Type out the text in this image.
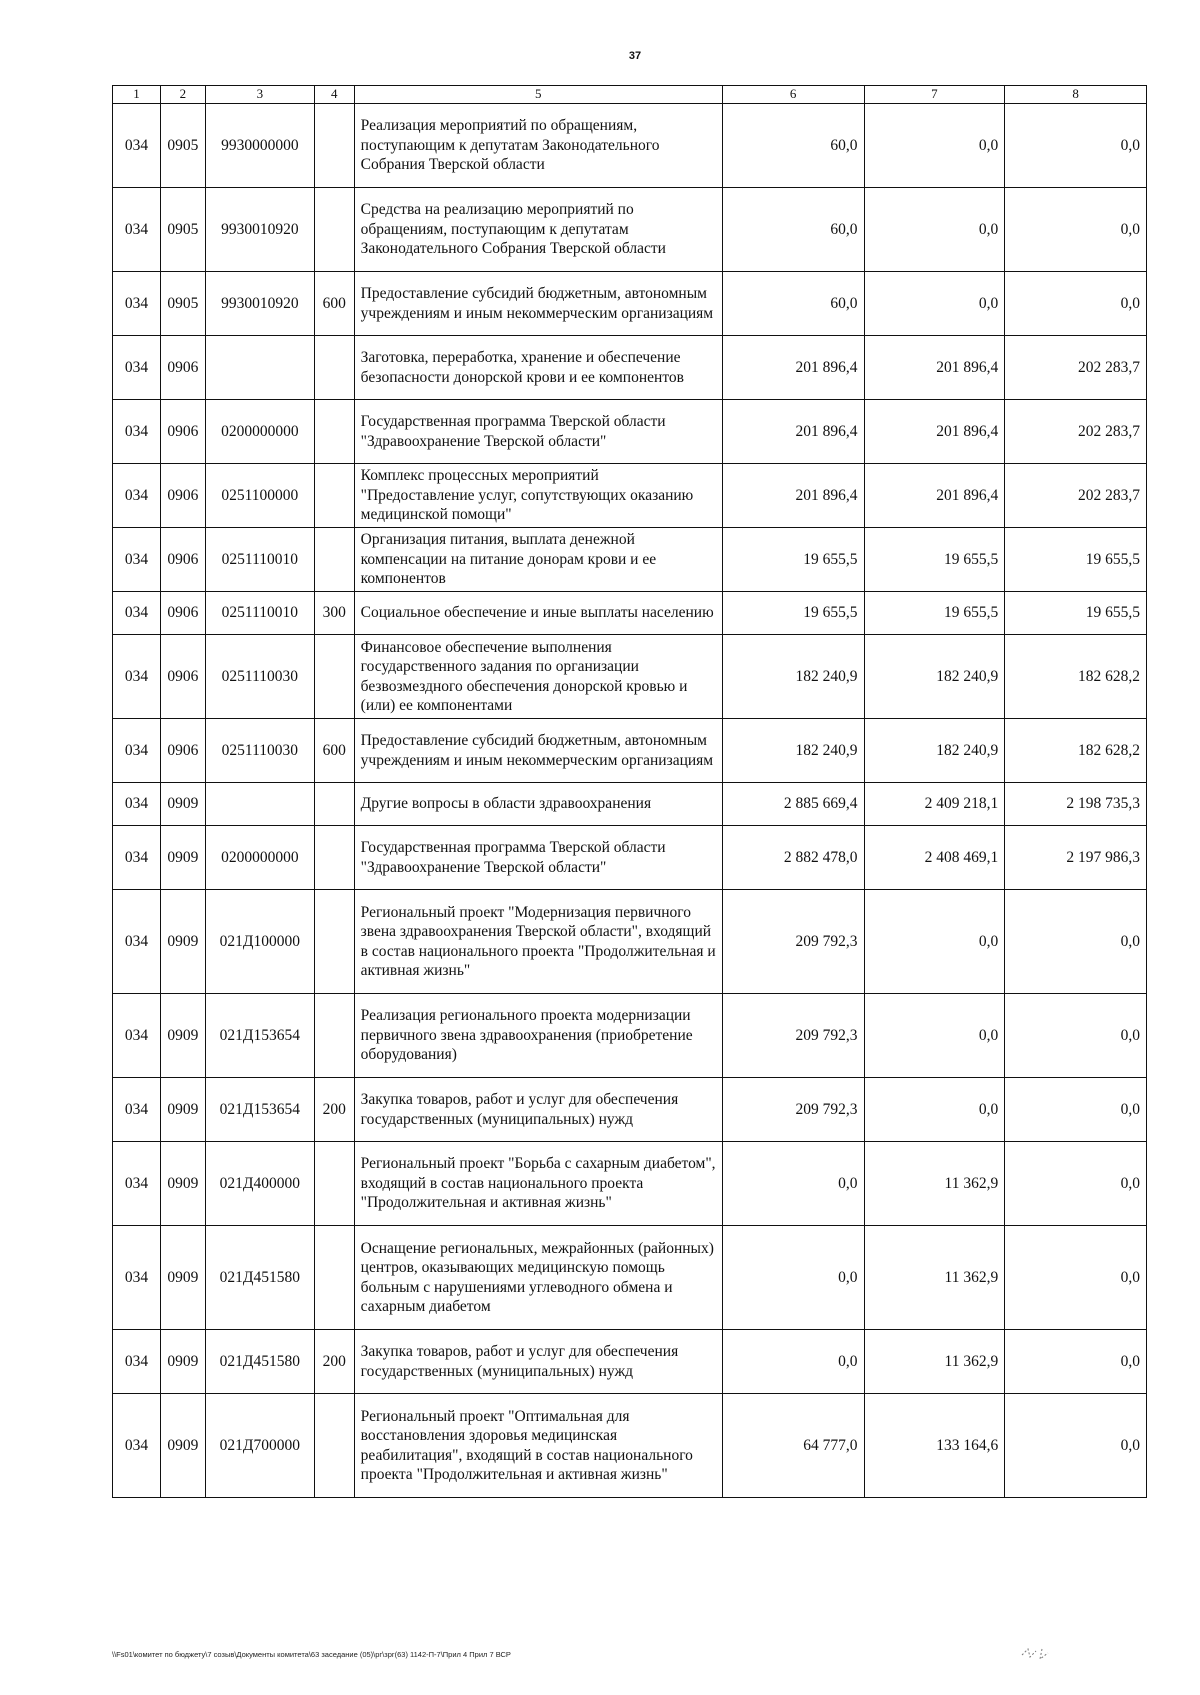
37
1	2	3	4	5	6	7	8
034	0905	9930000000		Реализация мероприятий по обращениям, поступающим к депутатам Законодательного Собрания Тверской области	60,0	0,0	0,0
034	0905	9930010920		Средства на реализацию мероприятий по обращениям, поступающим к депутатам Законодательного Собрания Тверской области	60,0	0,0	0,0
034	0905	9930010920	600	Предоставление субсидий бюджетным, автономным учреждениям и иным некоммерческим организациям	60,0	0,0	0,0
034	0906			Заготовка, переработка, хранение и обеспечение безопасности донорской крови и ее компонентов	201 896,4	201 896,4	202 283,7
034	0906	0200000000		Государственная программа Тверской области "Здравоохранение Тверской области"	201 896,4	201 896,4	202 283,7
034	0906	0251100000		Комплекс процессных мероприятий "Предоставление услуг, сопутствующих оказанию медицинской помощи"	201 896,4	201 896,4	202 283,7
034	0906	0251110010		Организация питания, выплата денежной компенсации на питание донорам крови и ее компонентов	19 655,5	19 655,5	19 655,5
034	0906	0251110010	300	Социальное обеспечение и иные выплаты населению	19 655,5	19 655,5	19 655,5
034	0906	0251110030		Финансовое обеспечение выполнения государственного задания по организации безвозмездного обеспечения донорской кровью и (или) ее компонентами	182 240,9	182 240,9	182 628,2
034	0906	0251110030	600	Предоставление субсидий бюджетным, автономным учреждениям и иным некоммерческим организациям	182 240,9	182 240,9	182 628,2
034	0909			Другие вопросы в области здравоохранения	2 885 669,4	2 409 218,1	2 198 735,3
034	0909	0200000000		Государственная программа Тверской области "Здравоохранение Тверской области"	2 882 478,0	2 408 469,1	2 197 986,3
034	0909	021Д100000		Региональный проект "Модернизация первичного звена здравоохранения Тверской области", входящий в состав национального проекта "Продолжительная и активная жизнь"	209 792,3	0,0	0,0
034	0909	021Д153654		Реализация регионального проекта модернизации первичного звена здравоохранения (приобретение оборудования)	209 792,3	0,0	0,0
034	0909	021Д153654	200	Закупка товаров, работ и услуг для обеспечения государственных (муниципальных) нужд	209 792,3	0,0	0,0
034	0909	021Д400000		Региональный проект "Борьба с сахарным диабетом", входящий в состав национального проекта "Продолжительная и активная жизнь"	0,0	11 362,9	0,0
034	0909	021Д451580		Оснащение региональных, межрайонных (районных) центров, оказывающих медицинскую помощь больным с нарушениями углеводного обмена и сахарным диабетом	0,0	11 362,9	0,0
034	0909	021Д451580	200	Закупка товаров, работ и услуг для обеспечения государственных (муниципальных) нужд	0,0	11 362,9	0,0
034	0909	021Д700000		Региональный проект "Оптимальная для восстановления здоровья медицинская реабилитация", входящий в состав национального проекта "Продолжительная и активная жизнь"	64 777,0	133 164,6	0,0
\\Fs01\комитет по бюджету\7 созыв\Документы комитета\63 заседание (05)\рг\зрг(63) 1142-П-7\Прил 4 Прил 7 ВСР
